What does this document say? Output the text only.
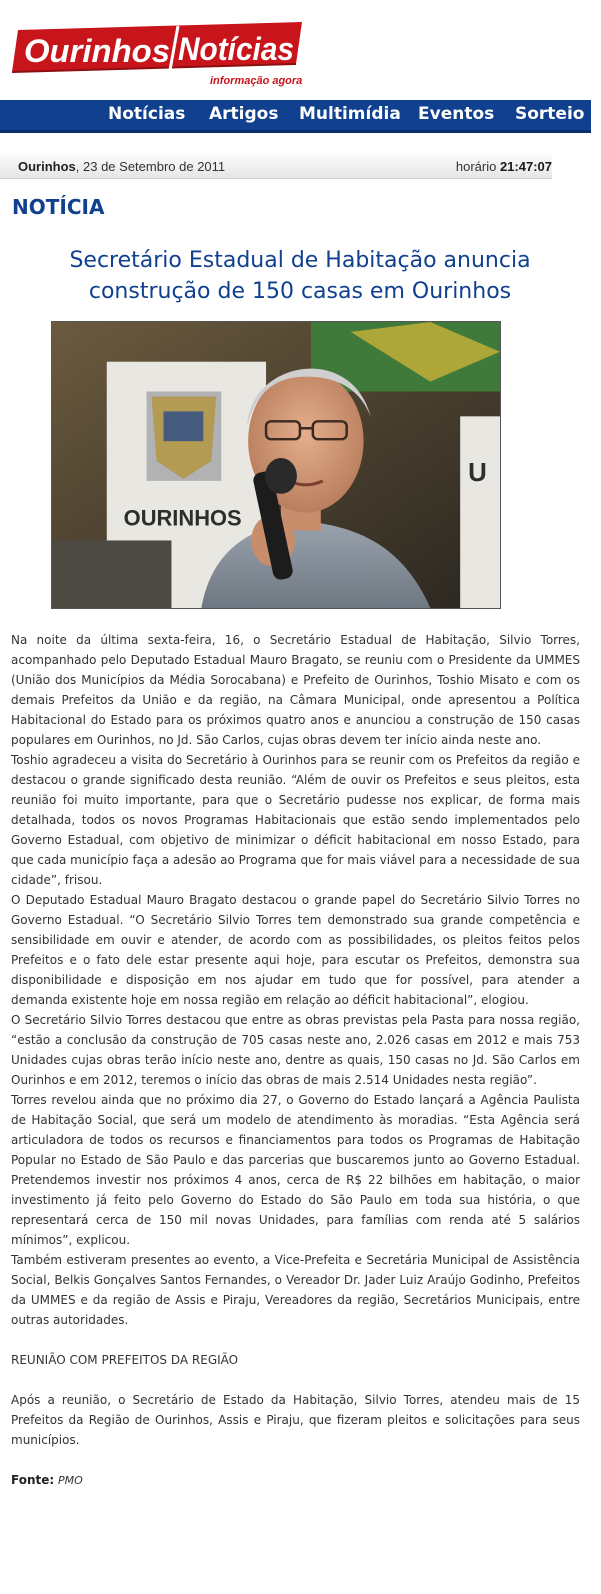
Ourinhos Notícias
informação agora
Notícias Artigos Multimídia Eventos Sorteio
Ourinhos, 23 de Setembro de 2011	horário 21:47:07
NOTÍCIA
Secretário Estadual de Habitação anuncia construção de 150 casas em Ourinhos
OURINHOS
U

Na noite da última sexta-feira, 16, o Secretário Estadual de Habitação, Silvio Torres, acompanhado pelo Deputado Estadual Mauro Bragato, se reuniu com o Presidente da UMMES (União dos Municípios da Média Sorocabana) e Prefeito de Ourinhos, Toshio Misato e com os demais Prefeitos da União e da região, na Câmara Municipal, onde apresentou a Política Habitacional do Estado para os próximos quatro anos e anunciou a construção de 150 casas populares em Ourinhos, no Jd. São Carlos, cujas obras devem ter início ainda neste ano.

Toshio agradeceu a visita do Secretário à Ourinhos para se reunir com os Prefeitos da região e destacou o grande significado desta reunião. “Além de ouvir os Prefeitos e seus pleitos, esta reunião foi muito importante, para que o Secretário pudesse nos explicar, de forma mais detalhada, todos os novos Programas Habitacionais que estão sendo implementados pelo Governo Estadual, com objetivo de minimizar o déficit habitacional em nosso Estado, para que cada município faça a adesão ao Programa que for mais viável para a necessidade de sua cidade”, frisou.

O Deputado Estadual Mauro Bragato destacou o grande papel do Secretário Silvio Torres no Governo Estadual. “O Secretário Silvio Torres tem demonstrado sua grande competência e sensibilidade em ouvir e atender, de acordo com as possibilidades, os pleitos feitos pelos Prefeitos e o fato dele estar presente aqui hoje, para escutar os Prefeitos, demonstra sua disponibilidade e disposição em nos ajudar em tudo que for possível, para atender a demanda existente hoje em nossa região em relação ao déficit habitacional”, elogiou.

O Secretário Silvio Torres destacou que entre as obras previstas pela Pasta para nossa região, “estão a conclusão da construção de 705 casas neste ano, 2.026 casas em 2012 e mais 753 Unidades cujas obras terão início neste ano, dentre as quais, 150 casas no Jd. São Carlos em Ourinhos e em 2012, teremos o início das obras de mais 2.514 Unidades nesta região”.

Torres revelou ainda que no próximo dia 27, o Governo do Estado lançará a Agência Paulista de Habitação Social, que será um modelo de atendimento às moradias. “Esta Agência será articuladora de todos os recursos e financiamentos para todos os Programas de Habitação Popular no Estado de São Paulo e das parcerias que buscaremos junto ao Governo Estadual. Pretendemos investir nos próximos 4 anos, cerca de R$ 22 bilhões em habitação, o maior investimento já feito pelo Governo do Estado do São Paulo em toda sua história, o que representará cerca de 150 mil novas Unidades, para famílias com renda até 5 salários mínimos”, explicou.

Também estiveram presentes ao evento, a Vice-Prefeita e Secretária Municipal de Assistência Social, Belkis Gonçalves Santos Fernandes, o Vereador Dr. Jader Luiz Araújo Godinho, Prefeitos da UMMES e da região de Assis e Piraju, Vereadores da região, Secretários Municipais, entre outras autoridades.

REUNIÃO COM PREFEITOS DA REGIÃO

Após a reunião, o Secretário de Estado da Habitação, Silvio Torres, atendeu mais de 15 Prefeitos da Região de Ourinhos, Assis e Piraju, que fizeram pleitos e solicitações para seus municípios.

Fonte: PMO
